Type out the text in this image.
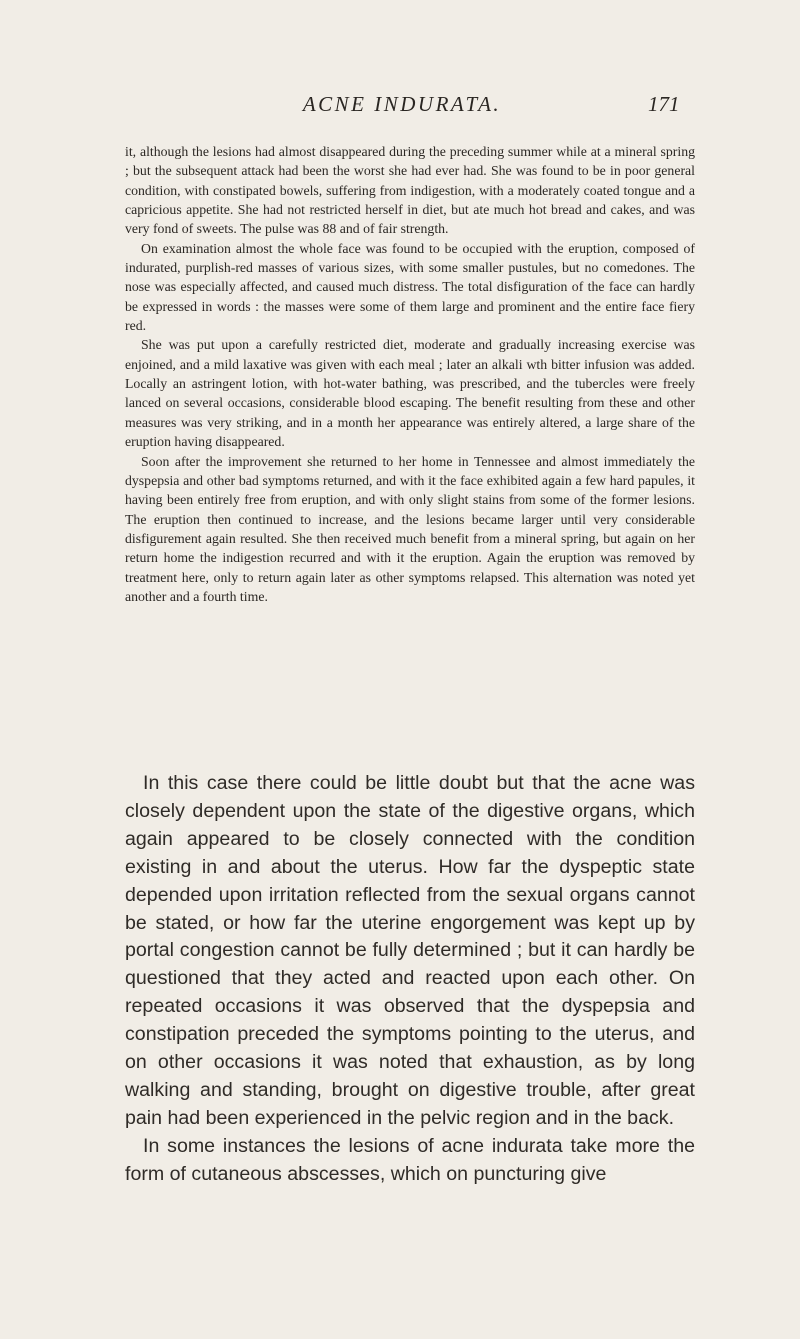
ACNE INDURATA.	171

it, although the lesions had almost disappeared during the preceding summer while at a mineral spring ; but the subsequent attack had been the worst she had ever had. She was found to be in poor general condition, with constipated bowels, suffering from indigestion, with a moderately coated tongue and a capricious appetite. She had not restricted herself in diet, but ate much hot bread and cakes, and was very fond of sweets. The pulse was 88 and of fair strength.

On examination almost the whole face was found to be occupied with the eruption, composed of indurated, purplish-red masses of various sizes, with some smaller pustules, but no comedones. The nose was especially affected, and caused much distress. The total disfiguration of the face can hardly be expressed in words : the masses were some of them large and prominent and the entire face fiery red.

She was put upon a carefully restricted diet, moderate and gradually increasing exercise was enjoined, and a mild laxative was given with each meal ; later an alkali wth bitter infusion was added. Locally an astringent lotion, with hot-water bathing, was prescribed, and the tubercles were freely lanced on several occasions, considerable blood escaping. The benefit resulting from these and other measures was very striking, and in a month her appearance was entirely altered, a large share of the eruption having disappeared.

Soon after the improvement she returned to her home in Tennessee and almost immediately the dyspepsia and other bad symptoms returned, and with it the face exhibited again a few hard papules, it having been entirely free from eruption, and with only slight stains from some of the former lesions. The eruption then continued to increase, and the lesions became larger until very considerable disfigurement again resulted. She then received much benefit from a mineral spring, but again on her return home the indigestion recurred and with it the eruption. Again the eruption was removed by treatment here, only to return again later as other symptoms relapsed. This alternation was noted yet another and a fourth time.

In this case there could be little doubt but that the acne was closely dependent upon the state of the digestive organs, which again appeared to be closely connected with the condition existing in and about the uterus. How far the dyspeptic state depended upon irritation reflected from the sexual organs cannot be stated, or how far the uterine engorgement was kept up by portal congestion cannot be fully determined ; but it can hardly be questioned that they acted and reacted upon each other. On repeated occasions it was observed that the dyspepsia and constipation preceded the symptoms pointing to the uterus, and on other occasions it was noted that exhaustion, as by long walking and standing, brought on digestive trouble, after great pain had been experienced in the pelvic region and in the back.

In some instances the lesions of acne indurata take more the form of cutaneous abscesses, which on puncturing give
